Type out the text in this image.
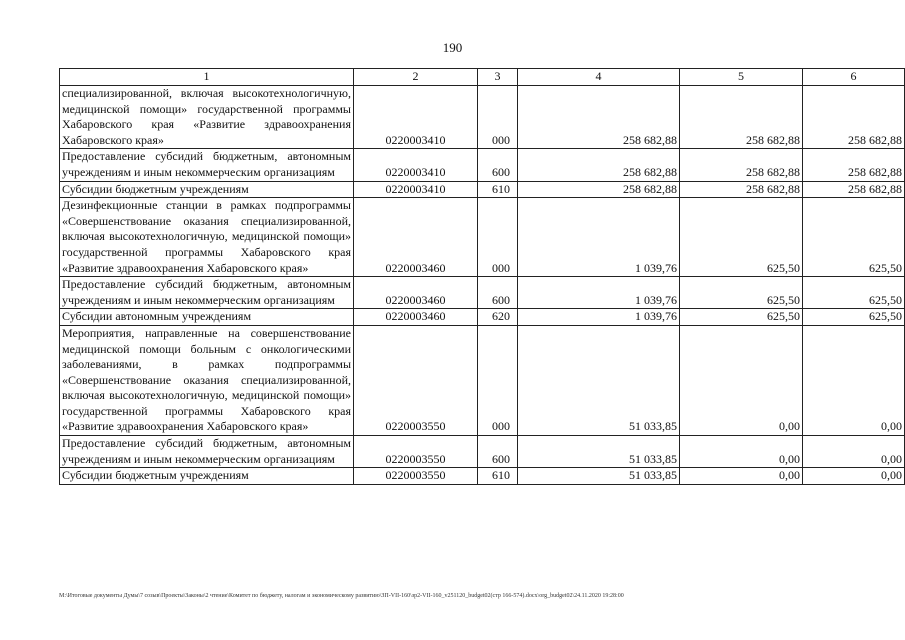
190
1	2	3	4	5	6
специализированной, включая высокотехнологичную, медицинской помощи» государственной программы Хабаровского края «Развитие здравоохранения Хабаровского края»	0220003410	000	258 682,88	258 682,88	258 682,88
Предоставление субсидий бюджетным, автономным учреждениям и иным некоммерческим организациям	0220003410	600	258 682,88	258 682,88	258 682,88
Субсидии бюджетным учреждениям	0220003410	610	258 682,88	258 682,88	258 682,88
Дезинфекционные станции в рамках подпрограммы «Совершенствование оказания специализированной, включая высокотехнологичную, медицинской помощи» государственной программы Хабаровского края «Развитие здравоохранения Хабаровского края»	0220003460	000	1 039,76	625,50	625,50
Предоставление субсидий бюджетным, автономным учреждениям и иным некоммерческим организациям	0220003460	600	1 039,76	625,50	625,50
Субсидии автономным учреждениям	0220003460	620	1 039,76	625,50	625,50
Мероприятия, направленные на совершенствование медицинской помощи больным с онкологическими заболеваниями, в рамках подпрограммы «Совершенствование оказания специализированной, включая высокотехнологичную, медицинской помощи» государственной программы Хабаровского края «Развитие здравоохранения Хабаровского края»	0220003550	000	51 033,85	0,00	0,00
Предоставление субсидий бюджетным, автономным учреждениям и иным некоммерческим организациям	0220003550	600	51 033,85	0,00	0,00
Субсидии бюджетным учреждениям	0220003550	610	51 033,85	0,00	0,00
M:\Итоговые документы Думы\7 созыв\Проекты\Законы\2 чтение\Комитет по бюджету, налогам и экономическому развитию\ЗП-VII-160\зр2-VII-160_v251120_budget02(стр 166-574).docx\org_budget02\24.11.2020 19:28:00
